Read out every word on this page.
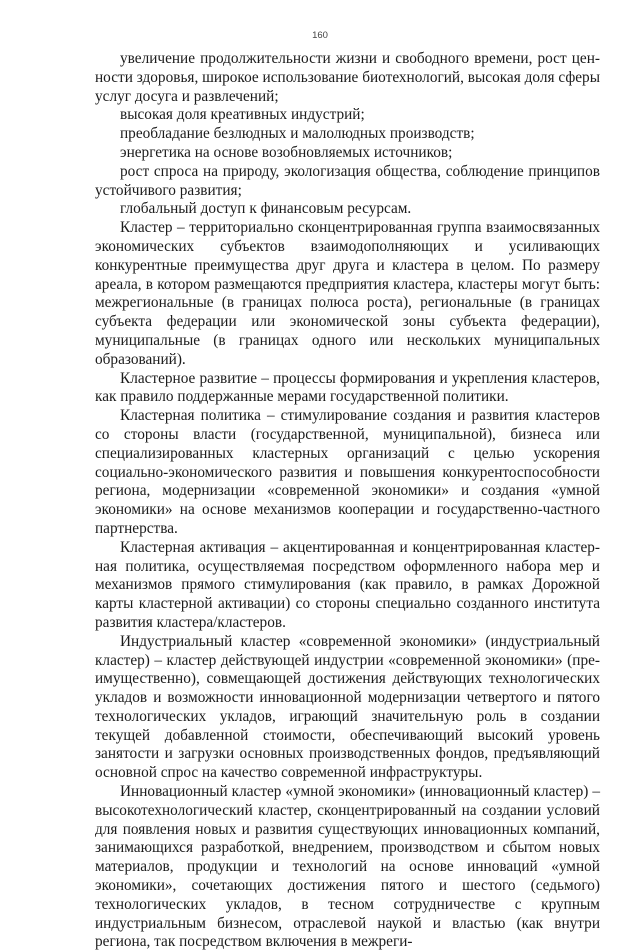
160

увеличение продолжительности жизни и свободного времени, рост ценности здоровья, широкое использование биотехнологий, высокая доля сферы услуг досуга и развлечений;

высокая доля креативных индустрий;

преобладание безлюдных и малолюдных производств;

энергетика на основе возобновляемых источников;

рост спроса на природу, экологизация общества, соблюдение принципов устойчивого развития;

глобальный доступ к финансовым ресурсам.

Кластер – территориально сконцентрированная группа взаимосвязанных экономических субъектов взаимодополняющих и усиливающих конкурентные преимущества друг друга и кластера в целом. По размеру ареала, в котором размещаются предприятия кластера, кластеры могут быть: межрегиональные (в границах полюса роста), региональные (в границах субъекта федерации или экономической зоны субъекта федерации), муниципальные (в границах одного или нескольких муниципальных образований).

Кластерное развитие – процессы формирования и укрепления кластеров, как правило поддержанные мерами государственной политики.

Кластерная политика – стимулирование создания и развития кластеров со стороны власти (государственной, муниципальной), бизнеса или специализированных кластерных организаций с целью ускорения социально-экономического развития и повышения конкурентоспособности региона, модернизации «современной экономики» и создания «умной экономики» на основе механизмов кооперации и государственно-частного партнерства.

Кластерная активация – акцентированная и концентрированная кластерная политика, осуществляемая посредством оформленного набора мер и механизмов прямого стимулирования (как правило, в рамках Дорожной карты кластерной активации) со стороны специально созданного института развития кластера/кластеров.

Индустриальный кластер «современной экономики» (индустриальный кластер) – кластер действующей индустрии «современной экономики» (преимущественно), совмещающей достижения действующих технологических укладов и возможности инновационной модернизации четвертого и пятого технологических укладов, играющий значительную роль в создании текущей добавленной стоимости, обеспечивающий высокий уровень занятости и загрузки основных производственных фондов, предъявляющий основной спрос на качество современной инфраструктуры.

Инновационный кластер «умной экономики» (инновационный кластер) – высокотехнологический кластер, сконцентрированный на создании условий для появления новых и развития существующих инновационных компаний, занимающихся разработкой, внедрением, производством и сбытом новых материалов, продукции и технологий на основе инноваций «умной экономики», сочетающих достижения пятого и шестого (седьмого) технологических укладов, в тесном сотрудничестве с крупным индустриальным бизнесом, отраслевой наукой и властью (как внутри региона, так посредством включения в межреги-
